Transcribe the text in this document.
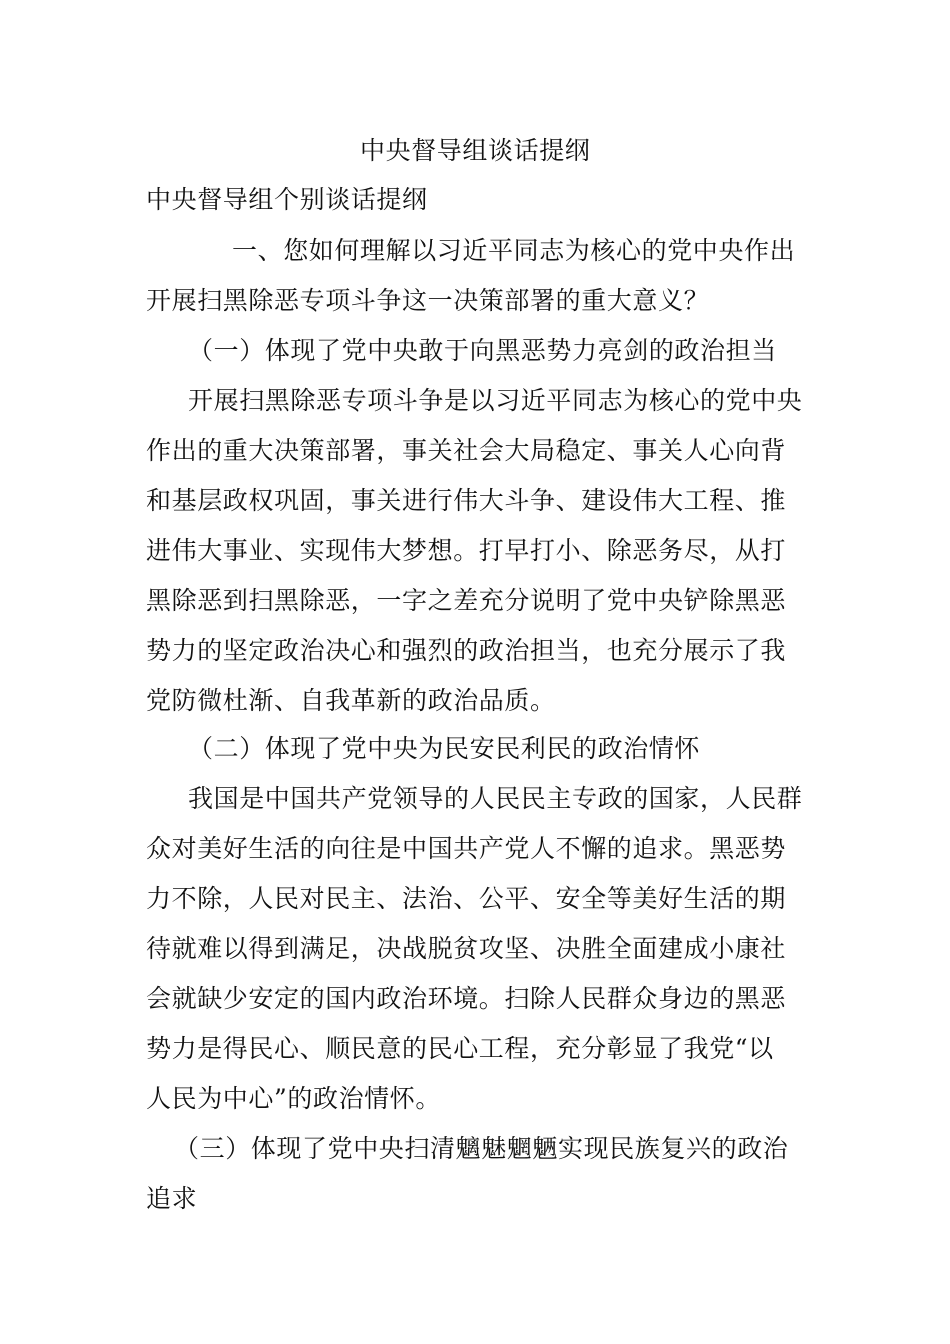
中央督导组谈话提纲
中央督导组个别谈话提纲
一、您如何理解以习近平同志为核心的党中央作出
开展扫黑除恶专项斗争这一决策部署的重大意义？
（一）体现了党中央敢于向黑恶势力亮剑的政治担当
开展扫黑除恶专项斗争是以习近平同志为核心的党中央
作出的重大决策部署，事关社会大局稳定、事关人心向背
和基层政权巩固，事关进行伟大斗争、建设伟大工程、推
进伟大事业、实现伟大梦想。打早打小、除恶务尽，从打
黑除恶到扫黑除恶，一字之差充分说明了党中央铲除黑恶
势力的坚定政治决心和强烈的政治担当，也充分展示了我
党防微杜渐、自我革新的政治品质。
（二）体现了党中央为民安民利民的政治情怀
我国是中国共产党领导的人民民主专政的国家，人民群
众对美好生活的向往是中国共产党人不懈的追求。黑恶势
力不除，人民对民主、法治、公平、安全等美好生活的期
待就难以得到满足，决战脱贫攻坚、决胜全面建成小康社
会就缺少安定的国内政治环境。扫除人民群众身边的黑恶
势力是得民心、顺民意的民心工程，充分彰显了我党“以
人民为中心”的政治情怀。
（三）体现了党中央扫清魑魅魍魉实现民族复兴的政治
追求
